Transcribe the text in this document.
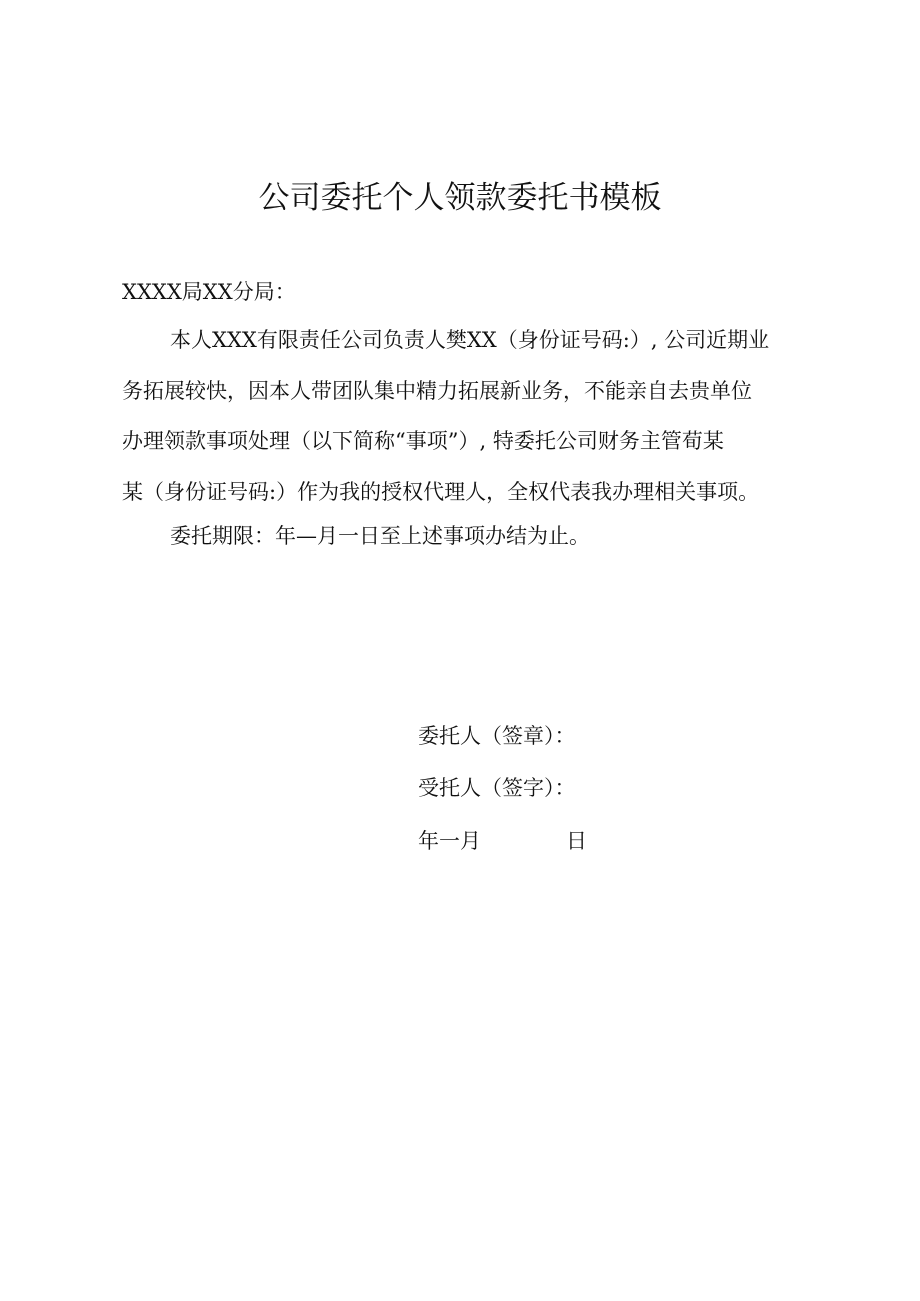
公司委托个人领款委托书模板
XXXX局XX分局：
本人XXX有限责任公司负责人樊XX（身份证号码:）, 公司近期业
务拓展较快，因本人带团队集中精力拓展新业务，不能亲自去贵单位
办理领款事项处理（以下简称“事项”）, 特委托公司财务主管荀某
某（身份证号码:）作为我的授权代理人，全权代表我办理相关事项。
委托期限：年—月一日至上述事项办结为止。
委托人（签章）：
受托人（签字）：
年一月	日
